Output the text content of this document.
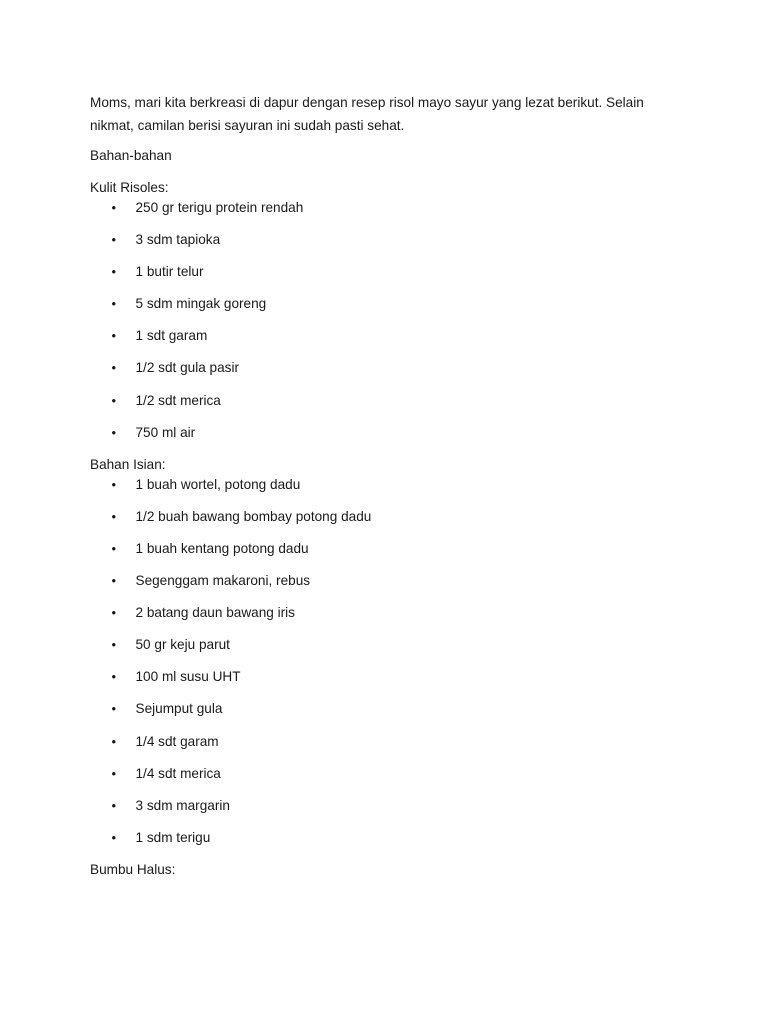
Moms, mari kita berkreasi di dapur dengan resep risol mayo sayur yang lezat berikut. Selain nikmat, camilan berisi sayuran ini sudah pasti sehat.

Bahan-bahan

Kulit Risoles:

• 250 gr terigu protein rendah
• 3 sdm tapioka
• 1 butir telur
• 5 sdm mingak goreng
• 1 sdt garam
• 1/2 sdt gula pasir
• 1/2 sdt merica
• 750 ml air

Bahan Isian:

• 1 buah wortel, potong dadu
• 1/2 buah bawang bombay potong dadu
• 1 buah kentang potong dadu
• Segenggam makaroni, rebus
• 2 batang daun bawang iris
• 50 gr keju parut
• 100 ml susu UHT
• Sejumput gula
• 1/4 sdt garam
• 1/4 sdt merica
• 3 sdm margarin
• 1 sdm terigu

Bumbu Halus:
